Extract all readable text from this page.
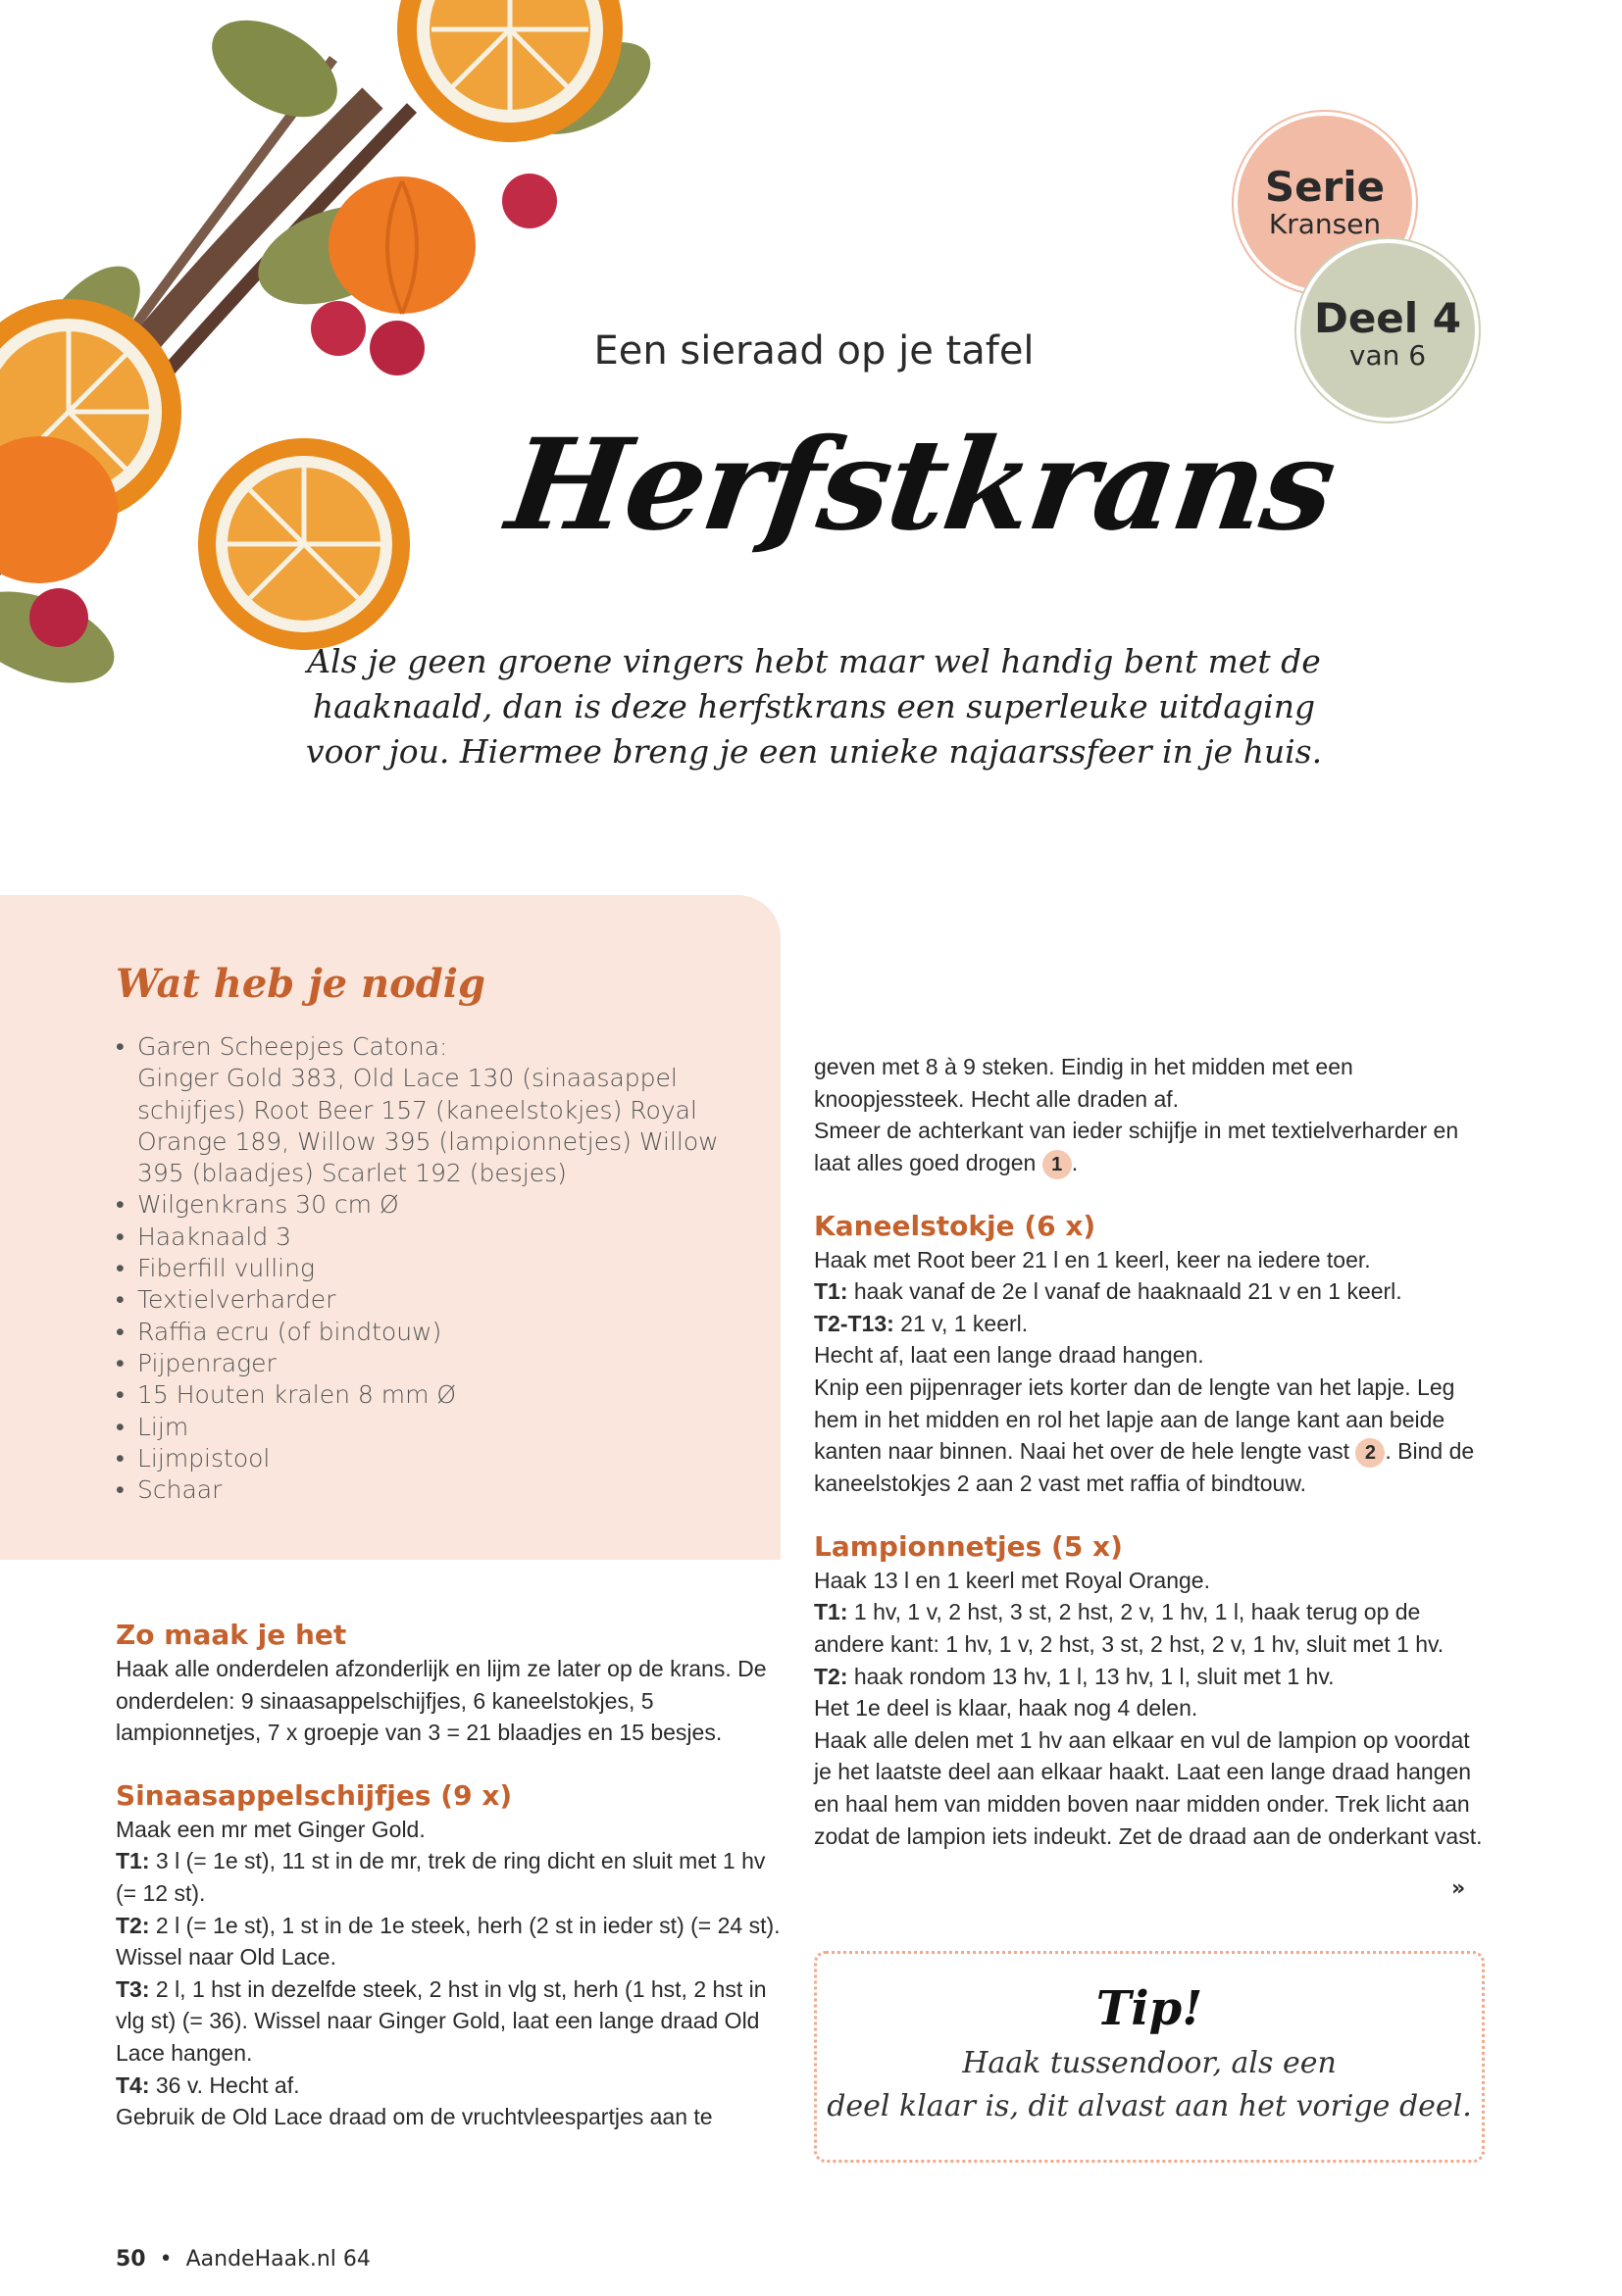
Serie
Kransen
Deel 4
van 6
Een sieraad op je tafel
Herfstkrans
Als je geen groene vingers hebt maar wel handig bent met de
haaknaald, dan is deze herfstkrans een superleuke uitdaging
voor jou. Hiermee breng je een unieke najaarssfeer in je huis.
Wat heb je nodig
• Garen Scheepjes Catona:
Ginger Gold 383, Old Lace 130 (sinaasappel schijfjes) Root Beer 157 (kaneelstokjes) Royal Orange 189, Willow 395 (lampionnetjes) Willow 395 (blaadjes) Scarlet 192 (besjes)
• Wilgenkrans 30 cm Ø
• Haaknaald 3
• Fiberfill vulling
• Textielverharder
• Raffia ecru (of bindtouw)
• Pijpenrager
• 15 Houten kralen 8 mm Ø
• Lijm
• Lijmpistool
• Schaar

Zo maak je het

Haak alle onderdelen afzonderlijk en lijm ze later op de krans. De onderdelen: 9 sinaasappelschijfjes, 6 kaneelstokjes, 5 lampionnetjes, 7 x groepje van 3 = 21 blaadjes en 15 besjes.

Sinaasappelschijfjes (9 x)

Maak een mr met Ginger Gold.

T1: 3 l (= 1e st), 11 st in de mr, trek de ring dicht en sluit met 1 hv (= 12 st).

T2: 2 l (= 1e st), 1 st in de 1e steek, herh (2 st in ieder st) (= 24 st). Wissel naar Old Lace.

T3: 2 l, 1 hst in dezelfde steek, 2 hst in vlg st, herh (1 hst, 2 hst in vlg st) (= 36). Wissel naar Ginger Gold, laat een lange draad Old Lace hangen.

T4: 36 v. Hecht af.

Gebruik de Old Lace draad om de vruchtvleespartjes aan te

geven met 8 à 9 steken. Eindig in het midden met een knoopjessteek. Hecht alle draden af.

Smeer de achterkant van ieder schijfje in met textielverharder en laat alles goed drogen 1 .

Kaneelstokje (6 x)

Haak met Root beer 21 l en 1 keerl, keer na iedere toer.

T1: haak vanaf de 2e l vanaf de haaknaald 21 v en 1 keerl.

T2-T13: 21 v, 1 keerl.

Hecht af, laat een lange draad hangen.

Knip een pijpenrager iets korter dan de lengte van het lapje. Leg hem in het midden en rol het lapje aan de lange kant aan beide kanten naar binnen. Naai het over de hele lengte vast 2 . Bind de kaneelstokjes 2 aan 2 vast met raffia of bindtouw.

Lampionnetjes (5 x)

Haak 13 l en 1 keerl met Royal Orange.

T1: 1 hv, 1 v, 2 hst, 3 st, 2 hst, 2 v, 1 hv, 1 l, haak terug op de andere kant: 1 hv, 1 v, 2 hst, 3 st, 2 hst, 2 v, 1 hv, sluit met 1 hv.

T2: haak rondom 13 hv, 1 l, 13 hv, 1 l, sluit met 1 hv.

Het 1e deel is klaar, haak nog 4 delen.

Haak alle delen met 1 hv aan elkaar en vul de lampion op voordat je het laatste deel aan elkaar haakt. Laat een lange draad hangen en haal hem van midden boven naar midden onder. Trek licht aan zodat de lampion iets indeukt. Zet de draad aan de onderkant vast.

»
Tip!
Haak tussendoor, als een
deel klaar is, dit alvast aan het vorige deel.
50 • AandeHaak.nl 64
